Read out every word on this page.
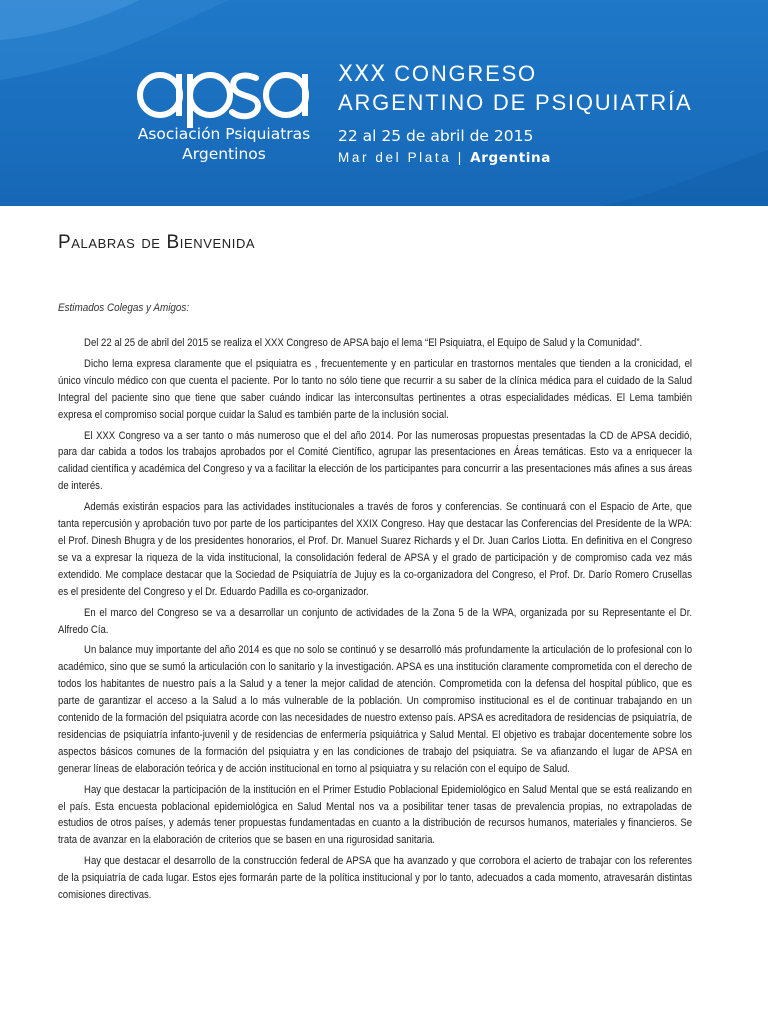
Asociación Psiquiatras
Argentinos
XXX CONGRESO
ARGENTINO DE PSIQUIATRÍA
22 al 25 de abril de 2015
Mar del Plata | Argentina
Palabras de Bienvenida
Estimados Colegas y Amigos:

Del 22 al 25 de abril del 2015 se realiza el XXX Congreso de APSA bajo el lema “El Psiquiatra, el Equipo de Salud y la Comunidad”.

Dicho lema expresa claramente que el psiquiatra es , frecuentemente y en particular en trastornos mentales que tienden a la cronicidad, el único vínculo médico con que cuenta el paciente. Por lo tanto no sólo tiene que recurrir a su saber de la clínica médica para el cuidado de la Salud Integral del paciente sino que tiene que saber cuándo indicar las interconsultas pertinentes a otras especialidades médicas. El Lema también expresa el compromiso social porque cuidar la Salud es también parte de la inclusión social.

El XXX Congreso va a ser tanto o más numeroso que el del año 2014. Por las numerosas propuestas presentadas la CD de APSA decidió, para dar cabida a todos los trabajos aprobados por el Comité Científico, agrupar las presentaciones en Áreas temáticas. Esto va a enriquecer la calidad científica y académica del Congreso y va a facilitar la elección de los participantes para concurrir a las presentaciones más afines a sus áreas de interés.

Además existirán espacios para las actividades institucionales a través de foros y conferencias. Se continuará con el Espacio de Arte, que tanta repercusión y aprobación tuvo por parte de los participantes del XXIX Congreso. Hay que destacar las Conferencias del Presidente de la WPA: el Prof. Dinesh Bhugra y de los presidentes honorarios, el Prof. Dr. Manuel Suarez Richards y el Dr. Juan Carlos Liotta. En definitiva en el Congreso se va a expresar la riqueza de la vida institucional, la consolidación federal de APSA y el grado de participación y de compromiso cada vez más extendido. Me complace destacar que la Sociedad de Psiquiatría de Jujuy es la co-organizadora del Congreso, el Prof. Dr. Darío Romero Crusellas es el presidente del Congreso y el Dr. Eduardo Padilla es co-organizador.

En el marco del Congreso se va a desarrollar un conjunto de actividades de la Zona 5 de la WPA, organizada por su Representante el Dr. Alfredo Cía.

Un balance muy importante del año 2014 es que no solo se continuó y se desarrolló más profundamente la articulación de lo profesional con lo académico, sino que se sumó la articulación con lo sanitario y la investigación. APSA es una institución claramente comprometida con el derecho de todos los habitantes de nuestro país a la Salud y a tener la mejor calidad de atención. Comprometida con la defensa del hospital público, que es parte de garantizar el acceso a la Salud a lo más vulnerable de la población. Un compromiso institucional es el de continuar trabajando en un contenido de la formación del psiquiatra acorde con las necesidades de nuestro extenso país. APSA es acreditadora de residencias de psiquiatría, de residencias de psiquiatría infanto-juvenil y de residencias de enfermería psiquiátrica y Salud Mental. El objetivo es trabajar docentemente sobre los aspectos básicos comunes de la formación del psiquiatra y en las condiciones de trabajo del psiquiatra. Se va afianzando el lugar de APSA en generar líneas de elaboración teórica y de acción institucional en torno al psiquiatra y su relación con el equipo de Salud.

Hay que destacar la participación de la institución en el Primer Estudio Poblacional Epidemiológico en Salud Mental que se está realizando en el país. Esta encuesta poblacional epidemiológica en Salud Mental nos va a posibilitar tener tasas de prevalencia propias, no extrapoladas de estudios de otros países, y además tener propuestas fundamentadas en cuanto a la distribución de recursos humanos, materiales y financieros. Se trata de avanzar en la elaboración de criterios que se basen en una rigurosidad sanitaria.

Hay que destacar el desarrollo de la construcción federal de APSA que ha avanzado y que corrobora el acierto de trabajar con los referentes de la psiquiatría de cada lugar. Estos ejes formarán parte de la política institucional y por lo tanto, adecuados a cada momento, atravesarán distintas comisiones directivas.
